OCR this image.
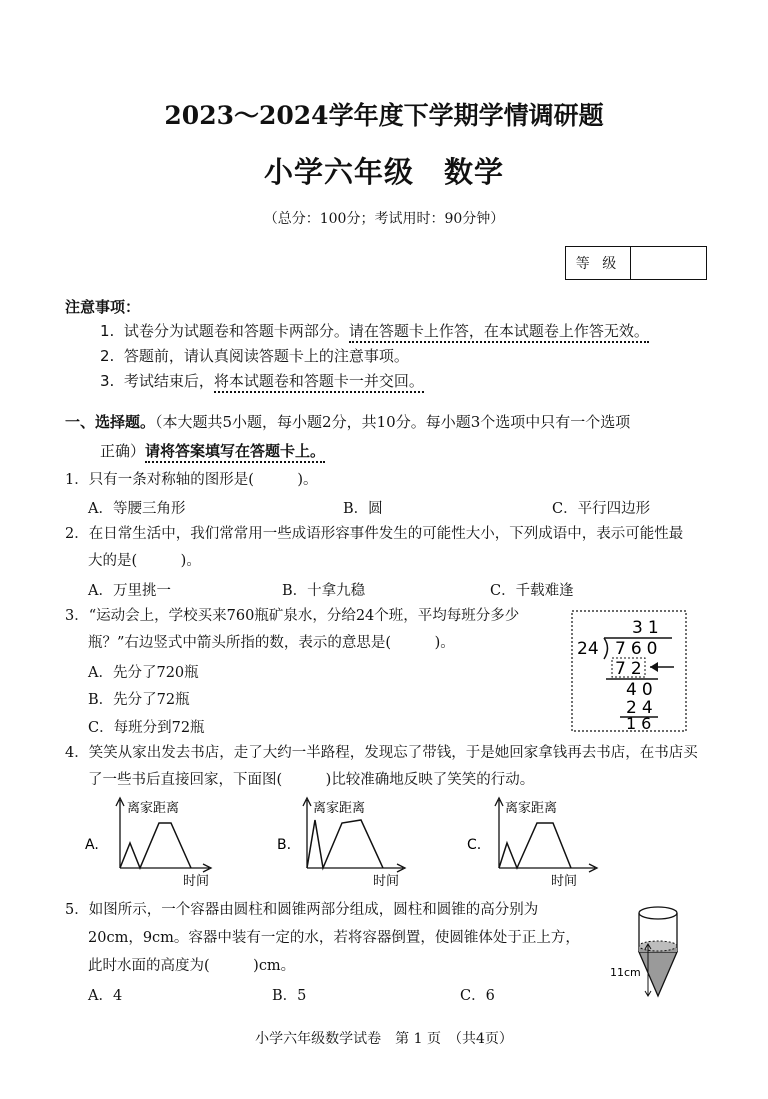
2023～2024学年度下学期学情调研题
小学六年级　数学
（总分：100分；考试用时：90分钟）
等 级
注意事项：
1. 试卷分为试题卷和答题卡两部分。请在答题卡上作答，在本试题卷上作答无效。
2. 答题前，请认真阅读答题卡上的注意事项。
3. 考试结束后，将本试题卷和答题卡一并交回。
一、选择题。（本大题共5小题，每小题2分，共10分。每小题3个选项中只有一个选项
正确）请将答案填写在答题卡上。
1．只有一条对称轴的图形是(　　　)。
A．等腰三角形	B．圆	C．平行四边形
2．在日常生活中，我们常常用一些成语形容事件发生的可能性大小，下列成语中，表示可能性最
大的是(　　　)。
A．万里挑一	B．十拿九稳	C．千载难逢
3．“运动会上，学校买来760瓶矿泉水，分给24个班，平均每班分多少
瓶？”右边竖式中箭头所指的数，表示的意思是(　　　)。
A．先分了720瓶
B．先分了72瓶
C．每班分到72瓶
31
24 760
72
40
24
16
4．笑笑从家出发去书店，走了大约一半路程，发现忘了带钱，于是她回家拿钱再去书店，在书店买
了一些书后直接回家，下面图(　　　)比较准确地反映了笑笑的行动。
A.
离家距离
时间
B.
离家距离
时间
C.
离家距离
时间
5．如图所示，一个容器由圆柱和圆锥两部分组成，圆柱和圆锥的高分别为
20cm，9cm。容器中装有一定的水，若将容器倒置，使圆锥体处于正上方，
此时水面的高度为(　　　)cm。
A．4	B．5	C．6
11cm
小学六年级数学试卷　第 1 页　（共4页）
